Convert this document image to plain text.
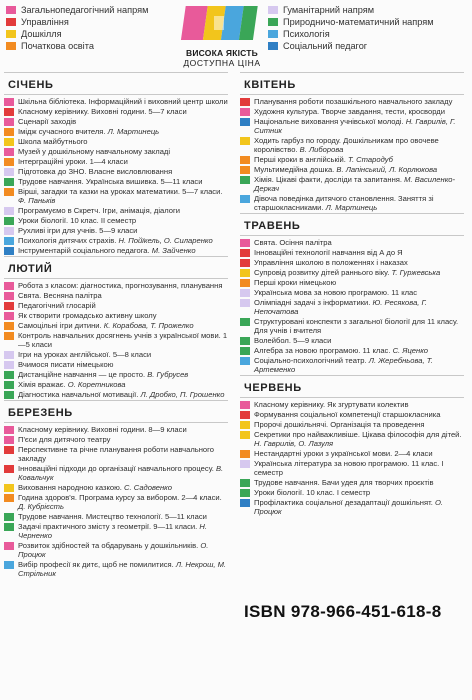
Загальнопедагогічний напрям
Управління
Дошкілля
Початкова освіта
ВИСОКА ЯКІСТЬ
ДОСТУПНА ЦІНА
Гуманітарний напрям
Природничо-математичний напрям
Психологія
Соціальний педагог
СІЧЕНЬ
Шкільна бібліотека. Інформаційний і виховний центр школи
Класному керівнику. Виховні години. 5—7 класи
Сценарії заходів
Імідж сучасного вчителя. Л. Мартинець
Школа майбутнього
Музей у дошкільному навчальному закладі
Інтерграційні уроки. 1—4 класи
Підготовка до ЗНО. Власне висловлювання
Трудове навчання. Українська вишивка. 5—11 класи
Вірші, загадки та казки на уроках математики. 5—7 класи. Ф. Паньків
Програмуємо в Скретч. Ігри, анімація, діалоги
Уроки біології. 10 клас. II семестр
Рухливі ігри для учнів. 5—9 класи
Психологія дитячих страхів. Н. Пойїкель, О. Силаренко
Інструментарій соціального педагога. М. Зайченко
ЛЮТИЙ
Робота з класом: діагностика, прогнозування, планування
Свята. Весняна палітра
Педагогічний глосарій
Як створити громадсько активну школу
Самоцільні ігри дитини. К. Корабова, Т. Прожелко
Контроль навчальних досягнень учнів з української мови. 1—5 класи
Ігри на уроках англійської. 5—8 класи
Вчимося писати німецькою
Дистанційне навчання — це просто. В. Губрусев
Хімія вражає. О. Коретникова
Діагностика навчальної мотивації. Л. Дробко, П. Грошенко
БЕРЕЗЕНЬ
Класному керівнику. Виховні години. 8—9 класи
П'єси для дитячого театру
Перспективне та річне планування роботи навчального закладу
Інноваційні підходи до організації навчального процесу. В. Ковальчук
Виховання народною казкою. С. Садовенко
Година здоров'я. Програма курсу за вибором. 2—4 класи. Д. Кубрієсть
Трудове навчання. Мистецтво технології. 5—11 класи
Задачі практичного змісту з геометрії. 9—11 класи. Н. Черненко
Розвиток здібностей та обдарувань у дошкільників. О. Процюк
Вибір професії як дитє, щоб не помилитися. Л. Некрош, М. Стрільник
КВІТЕНЬ
Планування роботи позашкільного навчального закладу
Художня культура. Творче завдання, тести, кросворди
Національне виховання учнівської молоді. Н. Гаврилів, Г. Ситник
Ходить гарбуз по городу. Дошкільникам про овочеве королівство. В. Либорова
Перші кроки в англійській. Т. Стародуб
Мультимедійна дошка. В. Лапінський, Л. Корлюкова
Хімія. Цікаві факти, досліди та запитання. М. Василенко-Деркач
Дівоча поведінка дитячого становлення. Заняття зі старшокласниками. Л. Мартинець
ТРАВЕНЬ
Свята. Осіння палітра
Інноваційні технології навчання від А до Я
Управління школою в положеннях і наказах
Супровід розвитку дітей раннього віку. Т. Гуржевська
Перші кроки німецькою
Українська мова за новою програмою. 11 клас
Олімпіадні задачі з інформатики. Ю. Ресякова, Г. Непочатова
Структуровані конспекти з загальної біології для 11 класу. Для учнів і вчителя
Волейбол. 5—9 класи
Алгебра за новою програмою. 11 клас. С. Яценко
Соціально-психологічний театр. Л. Жеребньова, Т. Артеменко
ЧЕРВЕНЬ
Класному керівнику. Як згуртувати колектив
Формування соціальної компетенції старшокласника
Пророчі дошкільнячі. Організація та проведення
Секретики про найважливіше. Цікава філософія для дітей. Н. Гаврилів, О. Лазуля
Нестандартні уроки з української мови. 2—4 класи
Українська література за новою програмою. 11 клас. I семестр
Трудове навчання. Бачи удея для творчих проєктів
Уроки біології. 10 клас. I семестр
Профілактика соціальної дезадаптації дошкільнят. О. Процюк
ISBN 978-966-451-618-8
